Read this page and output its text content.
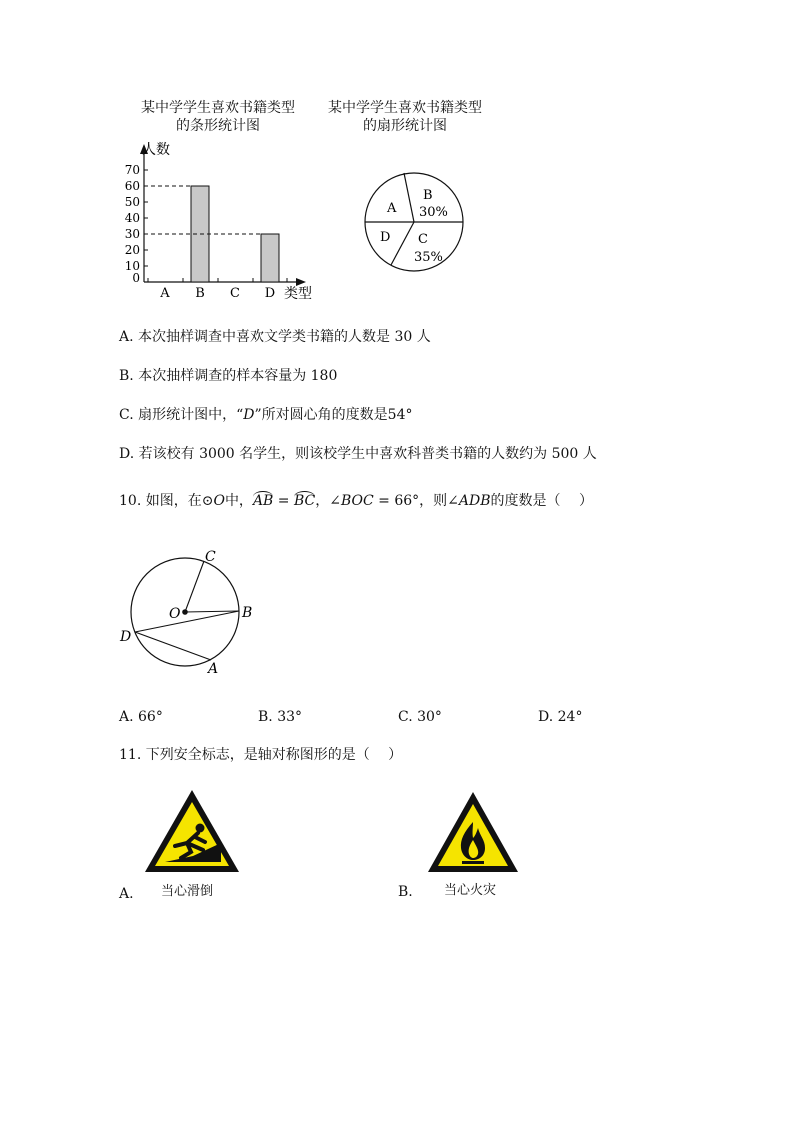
某中学学生喜欢书籍类型
的条形统计图
某中学学生喜欢书籍类型
的扇形统计图
0
10
20
30
40
50
60
70
A B C D
人数
类型
A
B
30%
C
35%
D
A. 本次抽样调查中喜欢文学类书籍的人数是 30 人
B. 本次抽样调查的样本容量为 180
C. 扇形统计图中，“D”所对圆心角的度数是54°
D. 若该校有 3000 名学生，则该校学生中喜欢科普类书籍的人数约为 500 人
10. 如图，在⊙O中，AB = BC，∠BOC = 66°，则∠ADB的度数是（　 ）
C
O	B
D
A
A. 66°	B. 33°	C. 30°	D. 24°
11. 下列安全标志，是轴对称图形的是（　 ）
A. 当心滑倒	B. 当心火灾
